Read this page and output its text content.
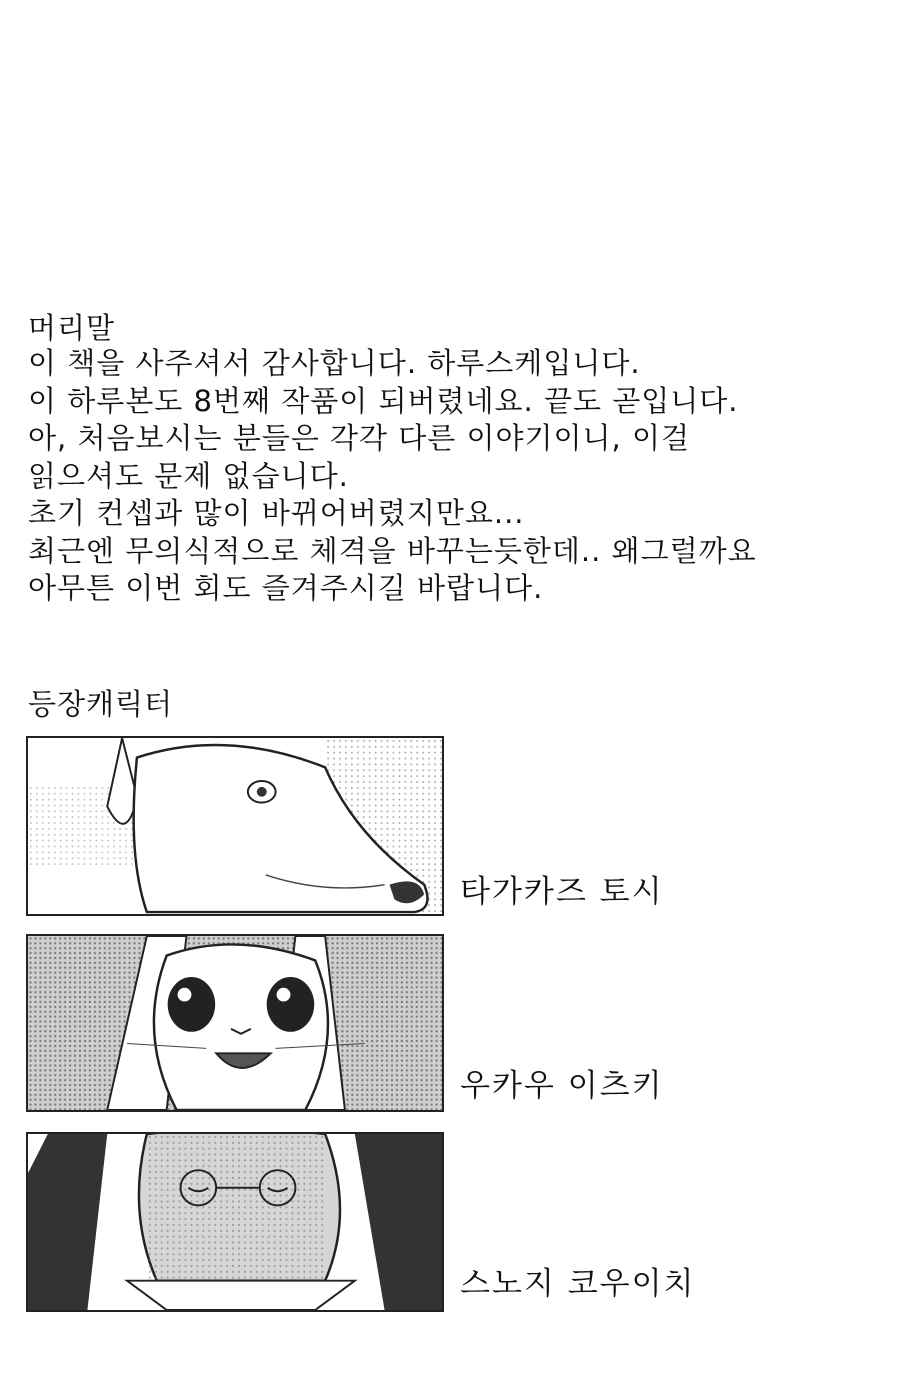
머리말
이 책을 사주셔서 감사합니다. 하루스케입니다.
이 하루본도 8번째 작품이 되버렸네요. 끝도 곧입니다.
아, 처음보시는 분들은 각각 다른 이야기이니, 이걸
읽으셔도 문제 없습니다.
초기 컨셉과 많이 바뀌어버렸지만요...
최근엔 무의식적으로 체격을 바꾸는듯한데.. 왜그럴까요
아무튼 이번 회도 즐겨주시길 바랍니다.
등장캐릭터
타가카즈 토시
우카우 이츠키
스노지 코우이치
